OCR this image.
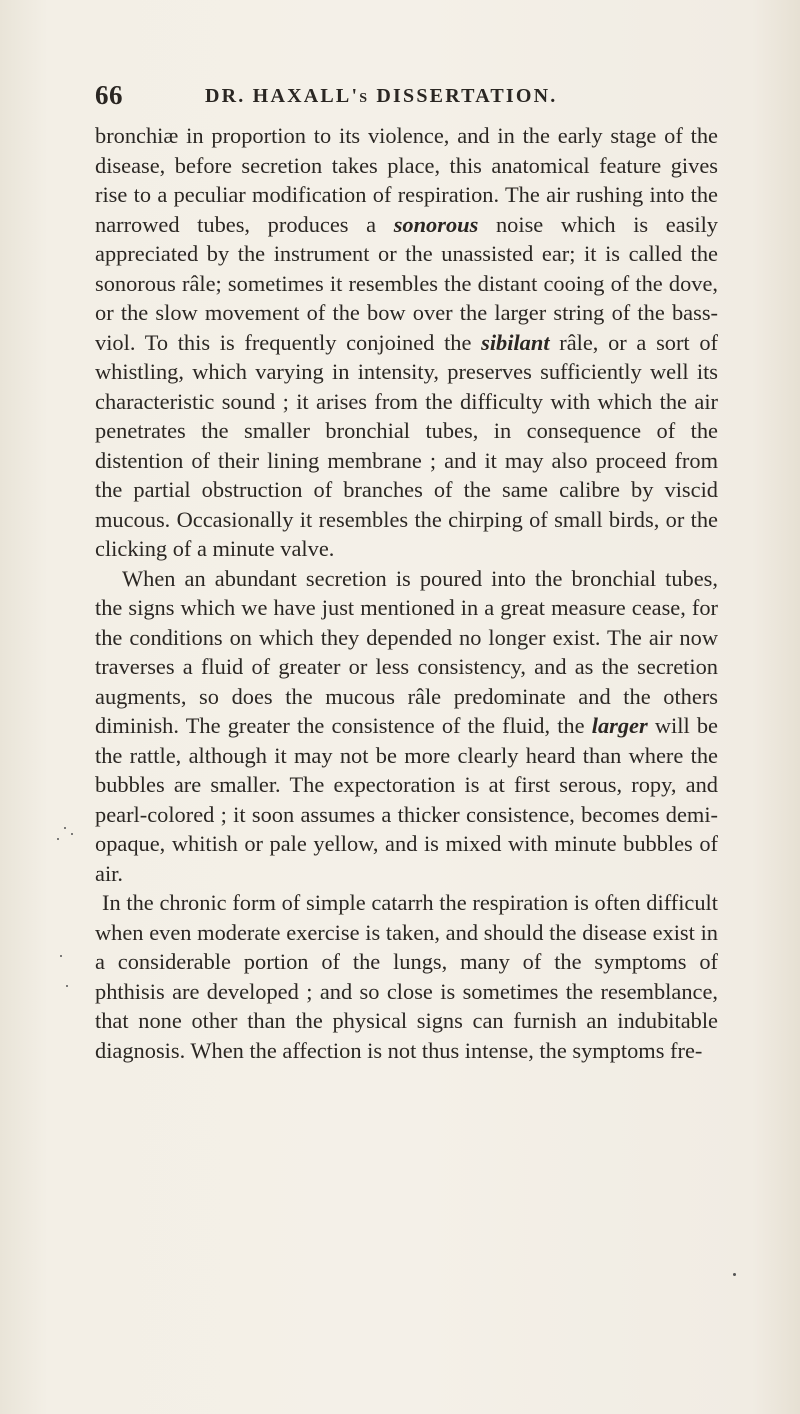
66	DR. HAXALL's DISSERTATION.

bronchiæ in proportion to its violence, and in the early stage of the disease, before secretion takes place, this anatomical feature gives rise to a peculiar modification of respiration. The air rushing into the narrowed tubes, produces a sonorous noise which is easily appreciated by the instrument or the unassisted ear; it is called the sonorous râle; sometimes it resembles the distant cooing of the dove, or the slow movement of the bow over the larger string of the bass-viol. To this is frequently conjoined the sibilant râle, or a sort of whistling, which varying in intensity, preserves sufficiently well its characteristic sound ; it arises from the difficulty with which the air penetrates the smaller bronchial tubes, in consequence of the distention of their lining membrane ; and it may also proceed from the partial obstruction of branches of the same calibre by viscid mucous. Occasionally it resembles the chirping of small birds, or the clicking of a minute valve.

When an abundant secretion is poured into the bronchial tubes, the signs which we have just mentioned in a great measure cease, for the conditions on which they depended no longer exist. The air now traverses a fluid of greater or less consistency, and as the secretion augments, so does the mucous râle predominate and the others diminish. The greater the consistence of the fluid, the larger will be the rattle, although it may not be more clearly heard than where the bubbles are smaller. The expectoration is at first serous, ropy, and pearl-colored ; it soon assumes a thicker consistence, becomes demi-opaque, whitish or pale yellow, and is mixed with minute bubbles of air.

In the chronic form of simple catarrh the respiration is often difficult when even moderate exercise is taken, and should the disease exist in a considerable portion of the lungs, many of the symptoms of phthisis are developed ; and so close is sometimes the resemblance, that none other than the physical signs can furnish an indubitable diagnosis. When the affection is not thus intense, the symptoms fre-
